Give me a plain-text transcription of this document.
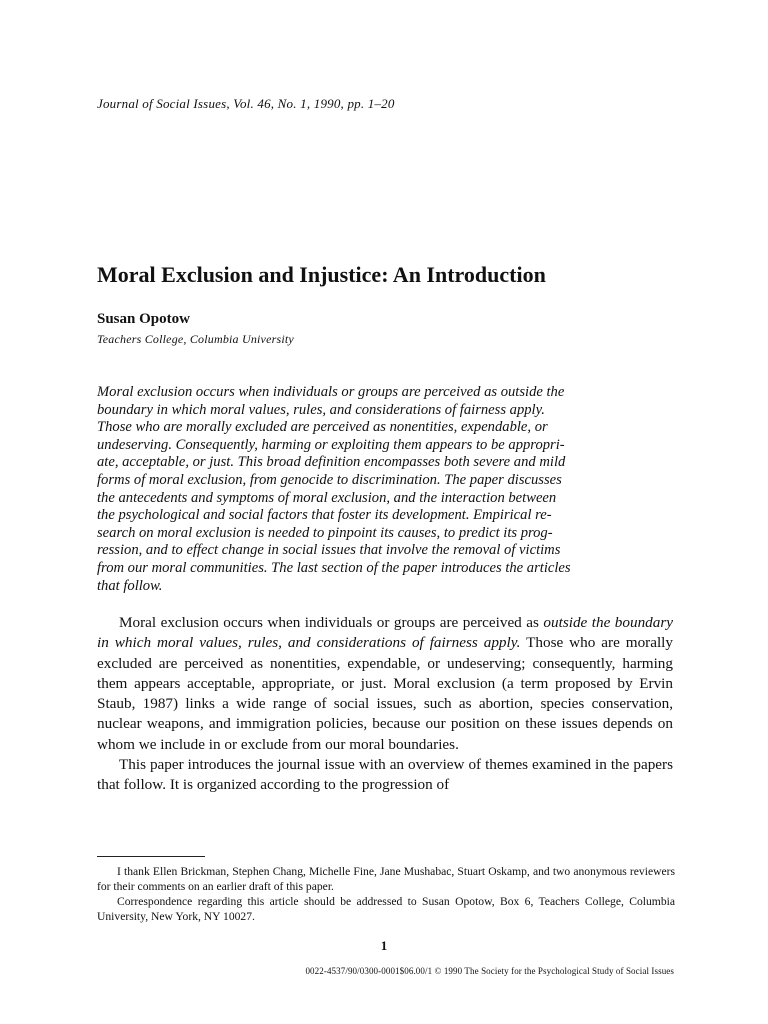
Journal of Social Issues, Vol. 46, No. 1, 1990, pp. 1–20
Moral Exclusion and Injustice: An Introduction
Susan Opotow
Teachers College, Columbia University
Moral exclusion occurs when individuals or groups are perceived as outside the
boundary in which moral values, rules, and considerations of fairness apply.
Those who are morally excluded are perceived as nonentities, expendable, or
undeserving. Consequently, harming or exploiting them appears to be appropri-
ate, acceptable, or just. This broad definition encompasses both severe and mild
forms of moral exclusion, from genocide to discrimination. The paper discusses
the antecedents and symptoms of moral exclusion, and the interaction between
the psychological and social factors that foster its development. Empirical re-
search on moral exclusion is needed to pinpoint its causes, to predict its prog-
ression, and to effect change in social issues that involve the removal of victims
from our moral communities. The last section of the paper introduces the articles
that follow.

Moral exclusion occurs when individuals or groups are perceived as outside the boundary in which moral values, rules, and considerations of fairness apply. Those who are morally excluded are perceived as nonentities, expendable, or undeserving; consequently, harming them appears acceptable, appropriate, or just. Moral exclusion (a term proposed by Ervin Staub, 1987) links a wide range of social issues, such as abortion, species conservation, nuclear weapons, and immigration policies, because our position on these issues depends on whom we include in or exclude from our moral boundaries.

This paper introduces the journal issue with an overview of themes examined in the papers that follow. It is organized according to the progression of

I thank Ellen Brickman, Stephen Chang, Michelle Fine, Jane Mushabac, Stuart Oskamp, and two anonymous reviewers for their comments on an earlier draft of this paper.

Correspondence regarding this article should be addressed to Susan Opotow, Box 6, Teachers College, Columbia University, New York, NY 10027.

1
0022-4537/90/0300-0001$06.00/1 © 1990 The Society for the Psychological Study of Social Issues
